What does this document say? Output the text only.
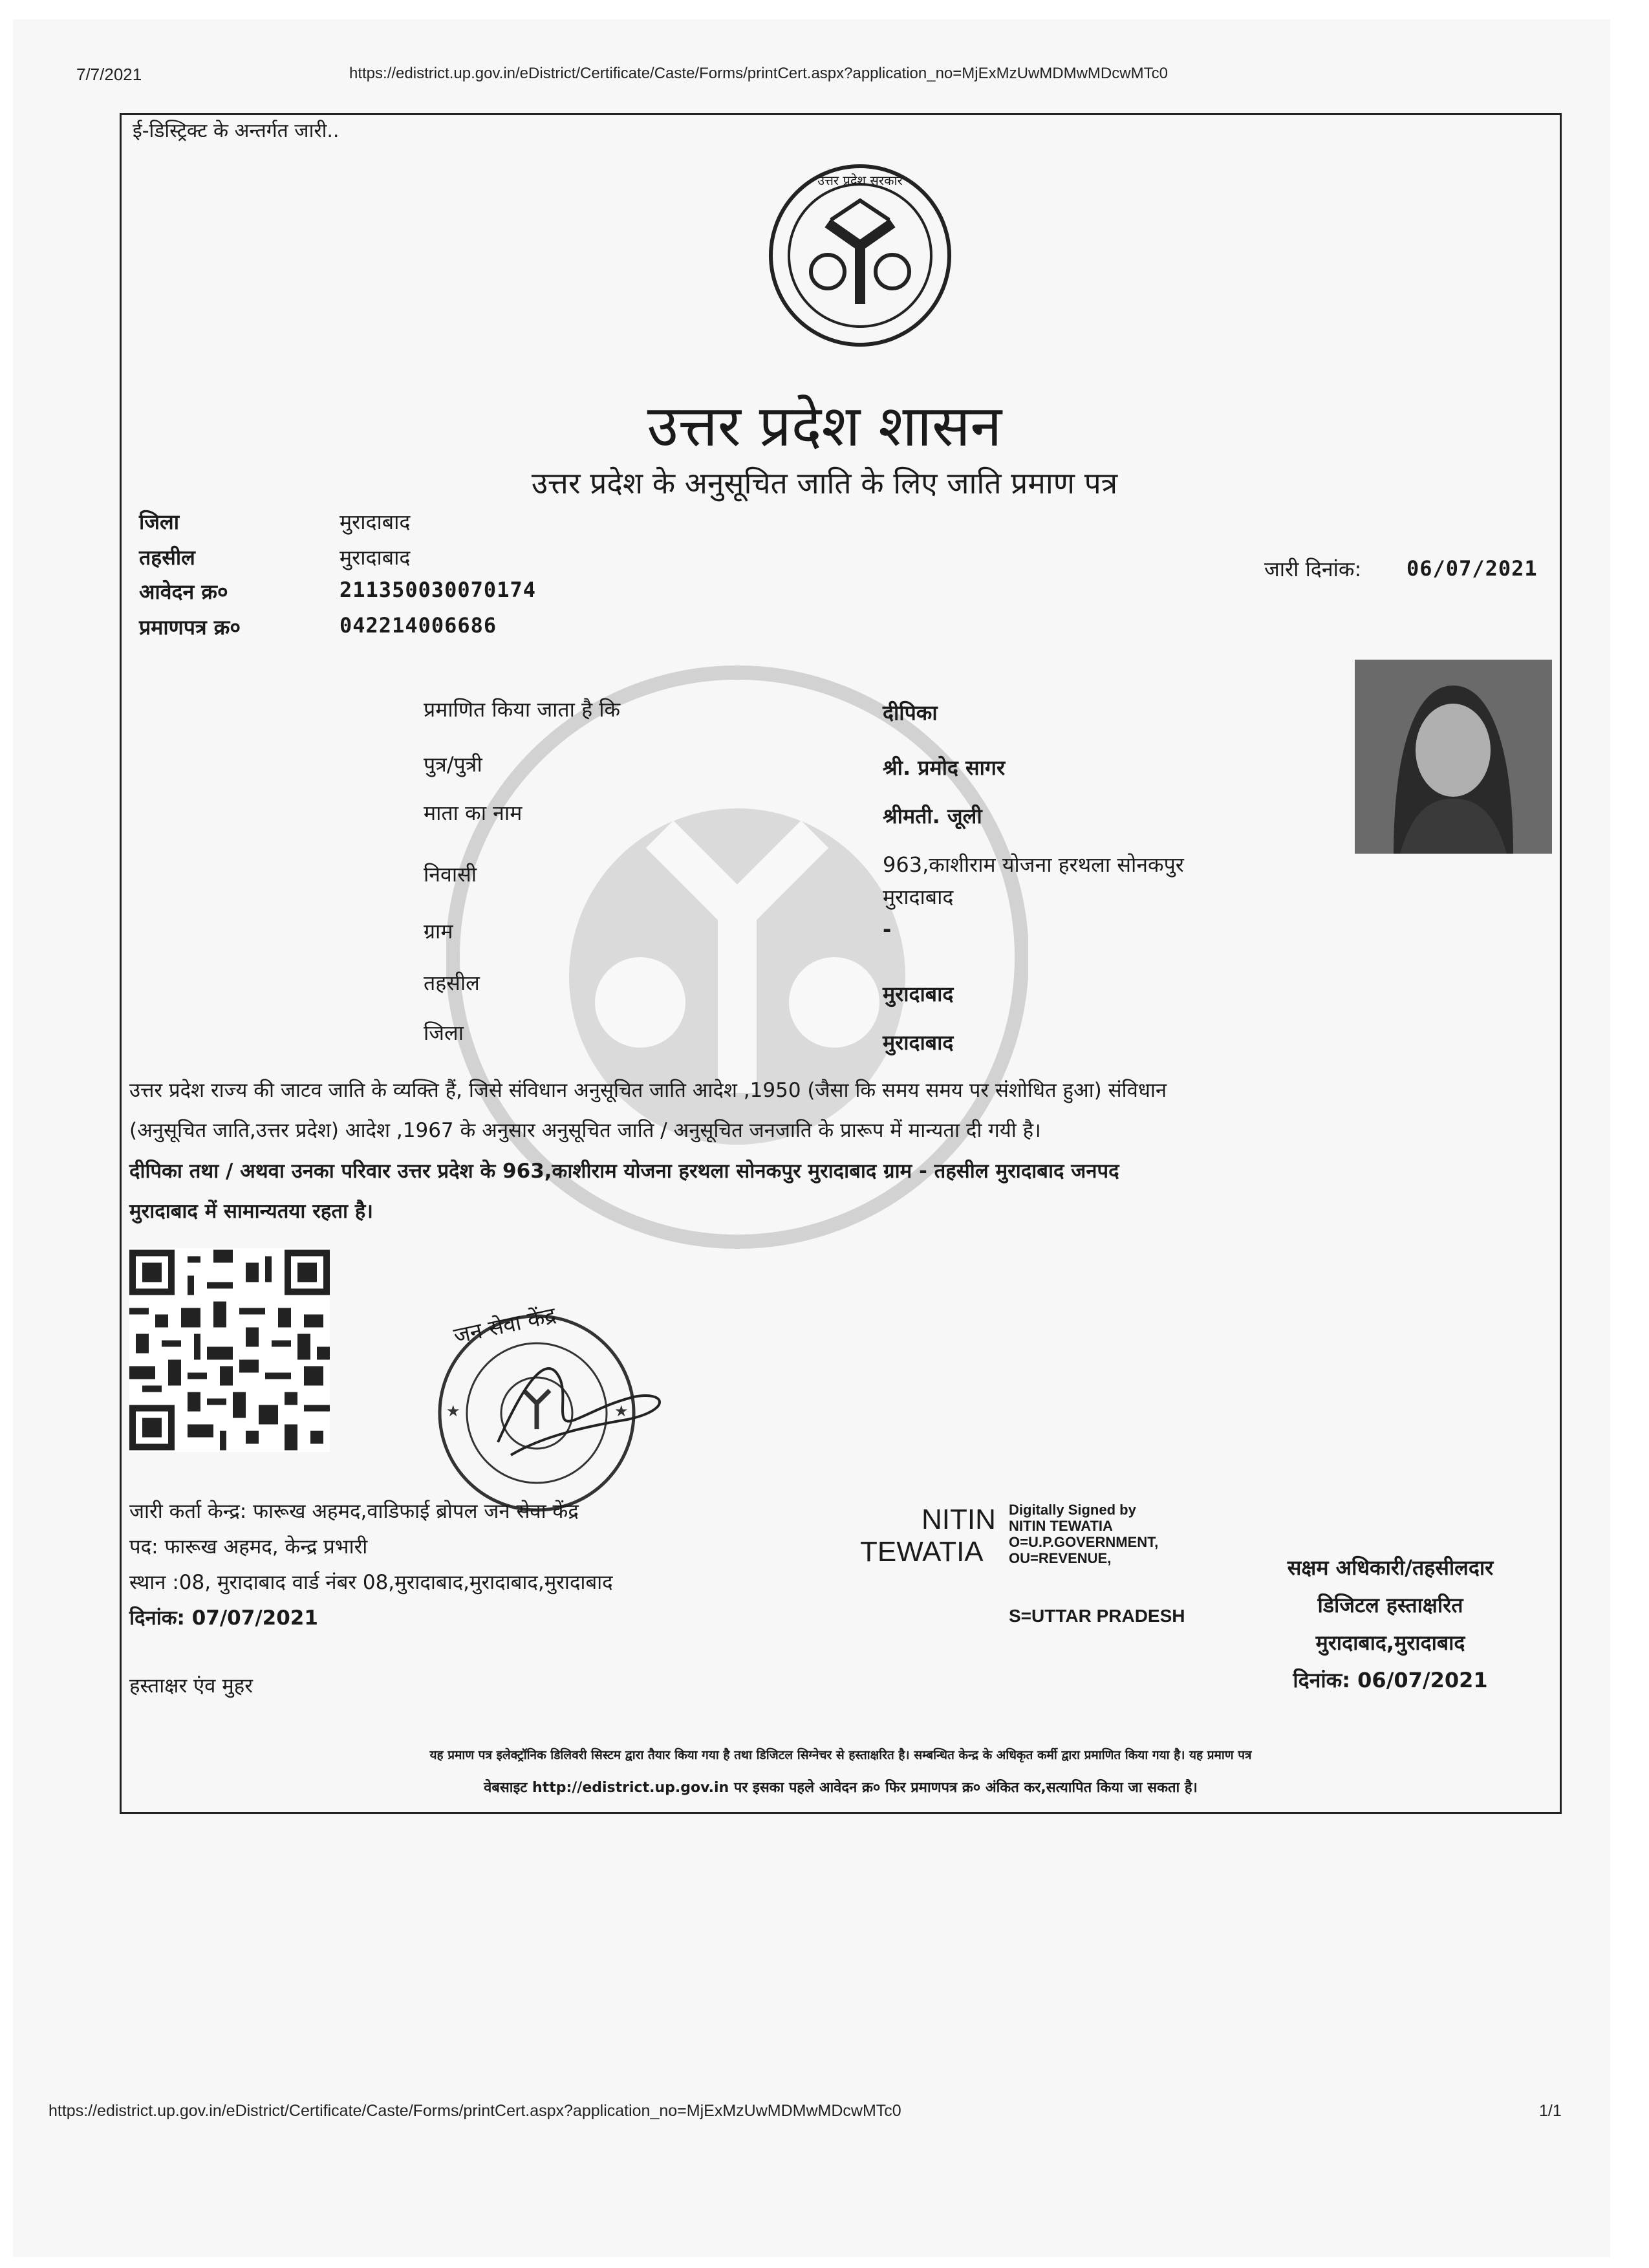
7/7/2021	https://edistrict.up.gov.in/eDistrict/Certificate/Caste/Forms/printCert.aspx?application_no=MjExMzUwMDMwMDcwMTc0
ई-डिस्ट्रिक्ट के अन्तर्गत जारी..
उत्तर प्रदेश सरकार
उत्तर प्रदेश शासन
उत्तर प्रदेश के अनुसूचित जाति के लिए जाति प्रमाण पत्र
जिला	मुरादाबाद
तहसील	मुरादाबाद
आवेदन क्र०	211350030070174
प्रमाणपत्र क्र०	042214006686
जारी दिनांक: 06/07/2021
प्रमाणित किया जाता है कि	दीपिका
पुत्र/पुत्री	श्री. प्रमोद सागर
माता का नाम	श्रीमती. जूली
निवासी	963,काशीराम योजना हरथला सोनकपुर
मुरादाबाद
ग्राम	-
तहसील	मुरादाबाद
जिला	मुरादाबाद
उत्तर प्रदेश राज्य की जाटव जाति के व्यक्ति हैं, जिसे संविधान अनुसूचित जाति आदेश ,1950 (जैसा कि समय समय पर संशोधित हुआ) संविधान
(अनुसूचित जाति,उत्तर प्रदेश) आदेश ,1967 के अनुसार अनुसूचित जाति / अनुसूचित जनजाति के प्रारूप में मान्यता दी गयी है।
दीपिका तथा / अथवा उनका परिवार उत्तर प्रदेश के 963,काशीराम योजना हरथला सोनकपुर मुरादाबाद ग्राम - तहसील मुरादाबाद जनपद
मुरादाबाद में सामान्यतया रहता है।
★	★
जन सेवा केंद्र
जारी कर्ता केन्द्र: फारूख अहमद,वाडिफाई ब्रोपल जन सेवा केंद्र
पद: फारूख अहमद, केन्द्र प्रभारी
स्थान :08, मुरादाबाद वार्ड नंबर 08,मुरादाबाद,मुरादाबाद,मुरादाबाद
दिनांक: 07/07/2021
हस्ताक्षर एंव मुहर
NITIN
TEWATIA
Digitally Signed by
NITIN TEWATIA
O=U.P.GOVERNMENT,
OU=REVENUE,
S=UTTAR PRADESH
सक्षम अधिकारी/तहसीलदार
डिजिटल हस्ताक्षरित
मुरादाबाद,मुरादाबाद
दिनांक: 06/07/2021
यह प्रमाण पत्र इलेक्ट्रॉनिक डिलिवरी सिस्टम द्वारा तैयार किया गया है तथा डिजिटल सिग्नेचर से हस्ताक्षरित है। सम्बन्धित केन्द्र के अधिकृत कर्मी द्वारा प्रमाणित किया गया है। यह प्रमाण पत्र
वेबसाइट http://edistrict.up.gov.in पर इसका पहले आवेदन क्र० फिर प्रमाणपत्र क्र० अंकित कर,सत्यापित किया जा सकता है।
https://edistrict.up.gov.in/eDistrict/Certificate/Caste/Forms/printCert.aspx?application_no=MjExMzUwMDMwMDcwMTc0	1/1
